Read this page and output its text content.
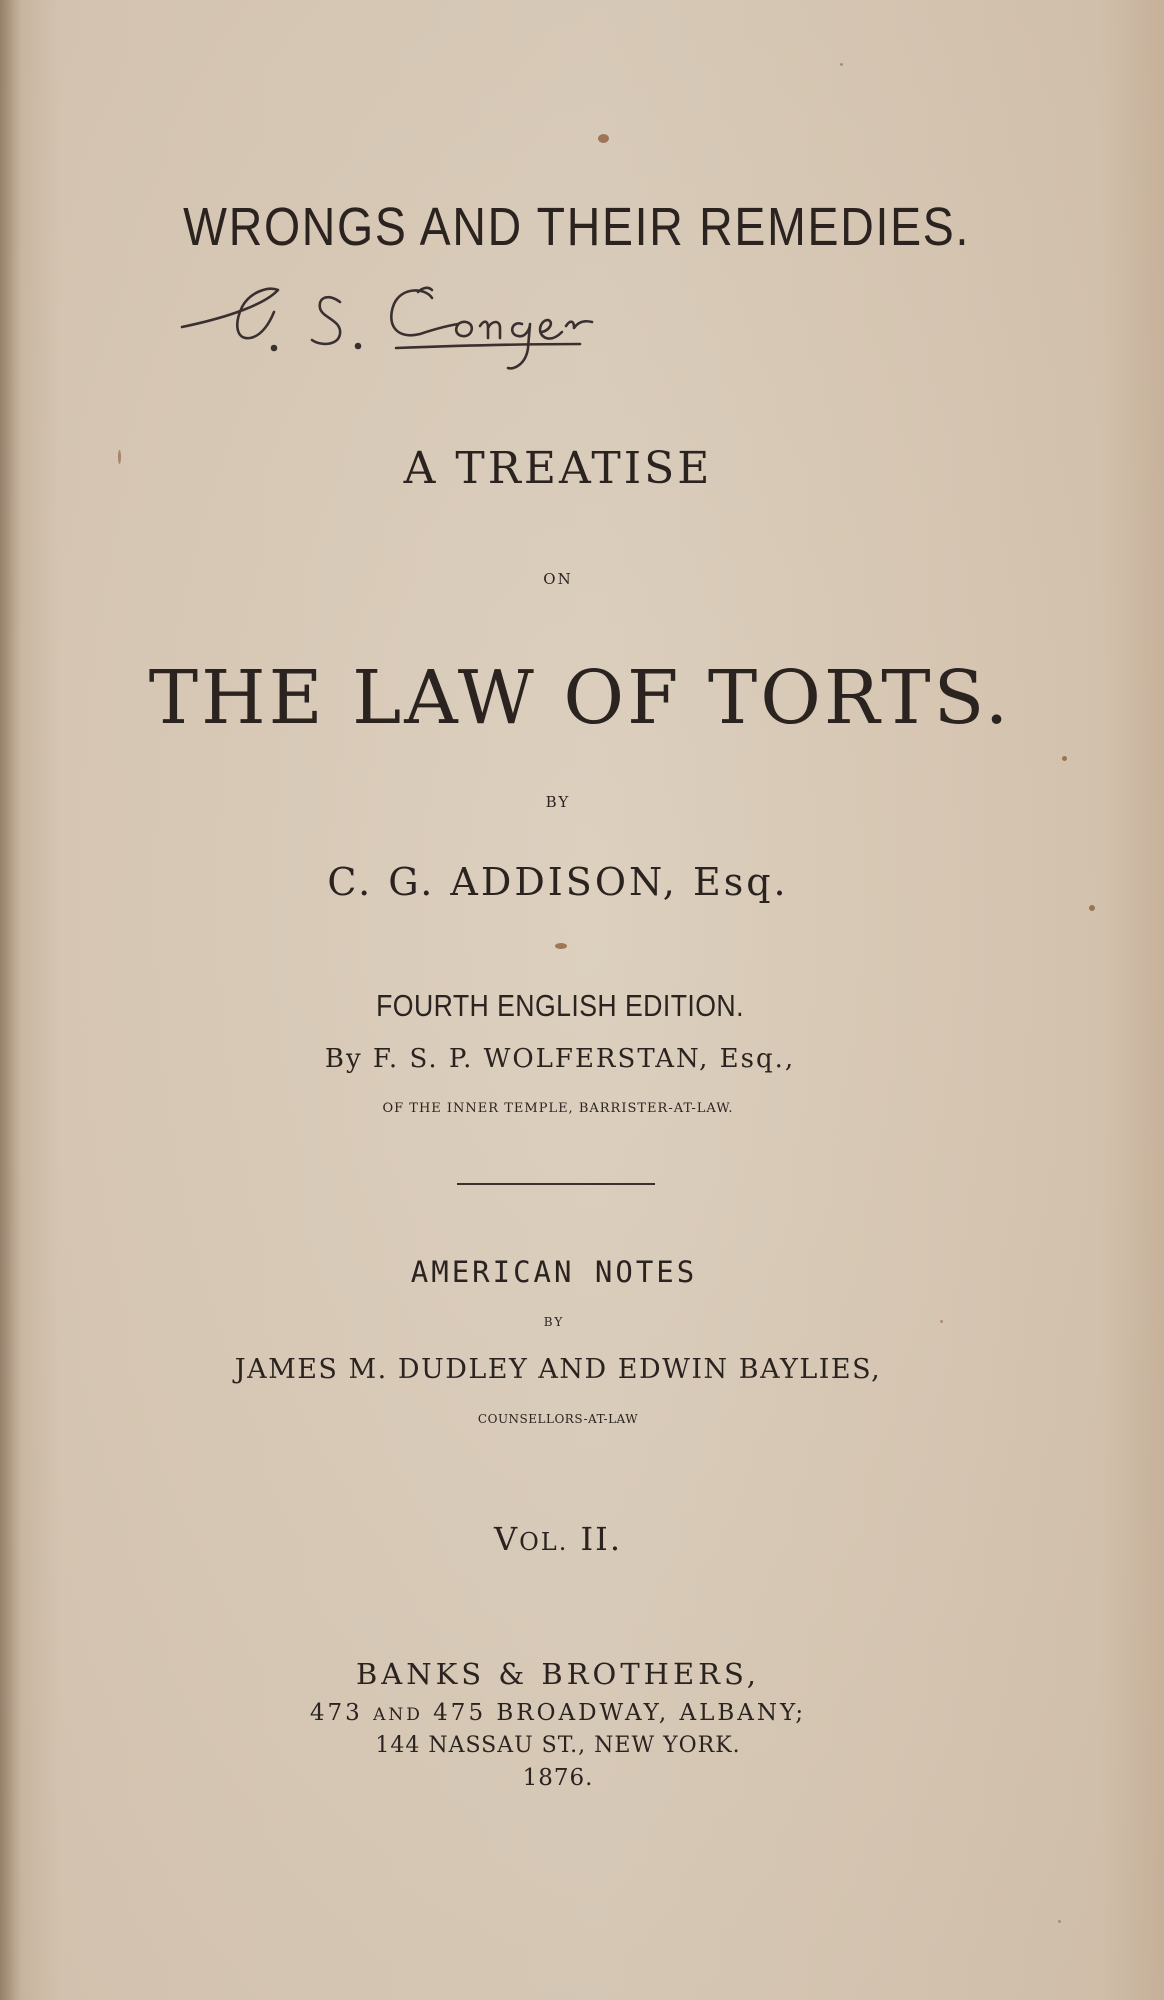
WRONGS AND THEIR REMEDIES.
A TREATISE
ON
THE LAW OF TORTS.
BY
C. G. ADDISON, Esq.
FOURTH ENGLISH EDITION.
By F. S. P. WOLFERSTAN, Esq.,
OF THE INNER TEMPLE, BARRISTER-AT-LAW.
AMERICAN NOTES
BY
JAMES M. DUDLEY AND EDWIN BAYLIES,
COUNSELLORS-AT-LAW
VOL. II.
BANKS & BROTHERS,
473 AND 475 BROADWAY, ALBANY;
144 NASSAU ST., NEW YORK.
1876.
